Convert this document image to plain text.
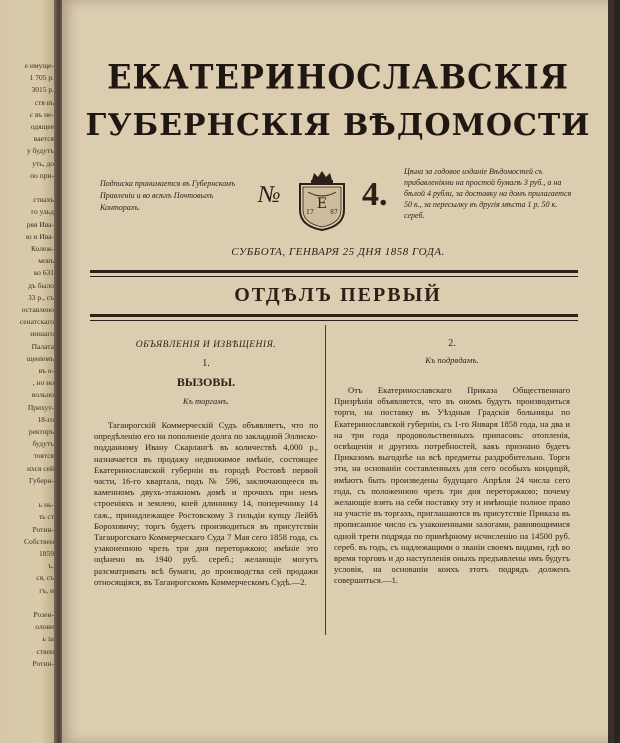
е имуще-
1 705 р.
3015 р.
ств въ
с въ не-
одящее
вается
у будутъ
уть, до
по при-
ствахъ
го ульд
ряя Ива-
ю и Ива-
Колеж-
мовъ
ко 631
дъ было
33 р., съ
оставлено
сенатскаго
иншаго
Палата
щеніемъ
въ о-
, но но
вольно
Прихут-
18-го
ректоръ
будутъ
тоятся
ихся сей
Губерн-
ь нь-
ть ст
Ротин-
Собствен
1859
ъ,
ся, съ
гъ, и
Розен-
олови
ь за
ствен
Ротин-
ЕКАТЕРИНОСЛАВСКІЯ
ГУБЕРНСКІЯ ВѢДОМОСТИ
Подписка принимается въ Губернскомъ Правленіи и во всѣхъ Почтовыхъ Конторахъ.	№	Е
17	87 4.
Цѣна за годовое изданіе Вѣдомостей съ прибавленіями на простой бумагѣ 3 руб., а на бѣлой 4 рубли, за доставку на домъ прилагается 50 к., за пересылку въ другія мѣста 1 р. 50 к. сереб.
СУББОТА, ГЕНВАРЯ 25 ДНЯ 1858 ГОДА.
ОТДѢЛЪ ПЕРВЫЙ
ОБЪЯВЛЕНІЯ И ИЗВѢЩЕНІЯ.
1.
ВЫЗОВЫ.
Къ торгамъ.
Таганрогскій Коммерческій Судъ объявляетъ, что по опредѣленію его на пополненіе долга по закладной Эллиско-подданному Ивану Скарлангѣ въ количествѣ 4,000 р., назначается въ продажу недвижимое имѣніе, состоящее Екатеринославской губерніи въ городѣ Ростовѣ первой части, 16-го квартала, подъ № 596, заключающееся въ каменномъ двухъ-этажномъ домѣ и прочихъ при немъ строеніяхъ и землею, коей длиннику 14, поперечнику 14 саж., принадлежащее Ростовскому 3 гильдіи купцу Лейбѣ Бороховичу; торгъ будетъ производиться въ присутствіи Таганрогскаго Коммерческаго Суда 7 Мая сего 1858 года, съ узаконенною чрезъ три дня переторжкою; имѣніе это оцѣнено въ 1940 руб. сереб.; желающіе могутъ разсматривать всѣ бумаги, до производства сей продажи относящіяся, въ Таганрогскомъ Коммерческомъ Судѣ.—2.
2.
Къ подрядамъ.
Отъ Екатеринославскаго Приказа Общественнаго Призрѣнія объявляется, что въ ономъ будутъ производиться торги, на поставку въ Уѣздныя Градскія больницы по Екатеринославской губерніи, съ 1-го Января 1858 года, на два и на три года продовольственныхъ припасовъ: отопленія, освѣщенія и другихъ потребностей, какъ признано будетъ Приказомъ выгоднѣе на всѣ предметы раздробительно. Торги эти, на основаніи составленныхъ для сего особыхъ кондицій, имѣютъ быть произведены будущаго Апрѣля 24 числа сего года, съ положенною чрезъ три дня переторжкою; почему желающіе взять на себя поставку эту и имѣющіе полное право на участіе въ торгахъ, приглашаются въ присутствіе Приказа въ прописанное число съ узаконенными залогами, равняющимися одной трети подряда по примѣрному исчисленію на 14500 руб. сереб. въ годъ, съ надлежащими о званіи своемъ видами, гдѣ во время торговъ и до наступленія оныхъ предъявлены имъ будутъ условія, на основаніи коихъ этотъ подрядъ долженъ совершиться.—1.
